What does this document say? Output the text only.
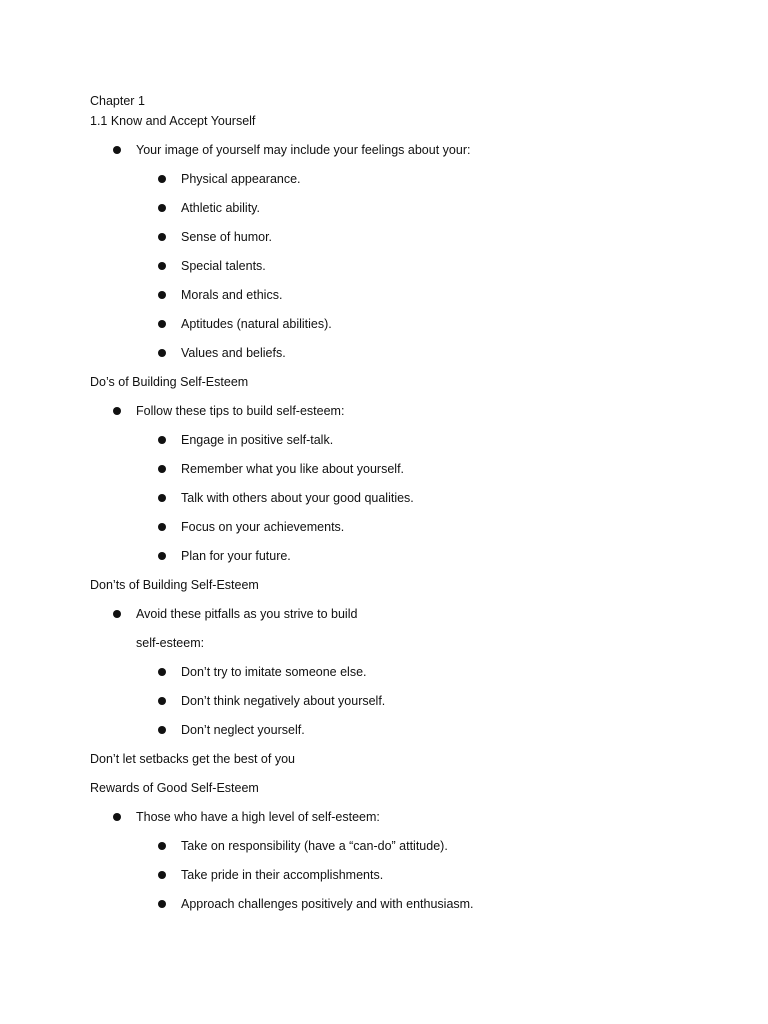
Chapter 1
1.1 Know and Accept Yourself
Your image of yourself may include your feelings about your:
Physical appearance.
Athletic ability.
Sense of humor.
Special talents.
Morals and ethics.
Aptitudes (natural abilities).
Values and beliefs.
Do’s of Building Self-Esteem
Follow these tips to build self-esteem:
Engage in positive self-talk.
Remember what you like about yourself.
Talk with others about your good qualities.
Focus on your achievements.
Plan for your future.
Don’ts of Building Self-Esteem
Avoid these pitfalls as you strive to build
self-esteem:
Don’t try to imitate someone else.
Don’t think negatively about yourself.
Don’t neglect yourself.
Don’t let setbacks get the best of you
Rewards of Good Self-Esteem
Those who have a high level of self-esteem:
Take on responsibility (have a “can-do” attitude).
Take pride in their accomplishments.
Approach challenges positively and with enthusiasm.
